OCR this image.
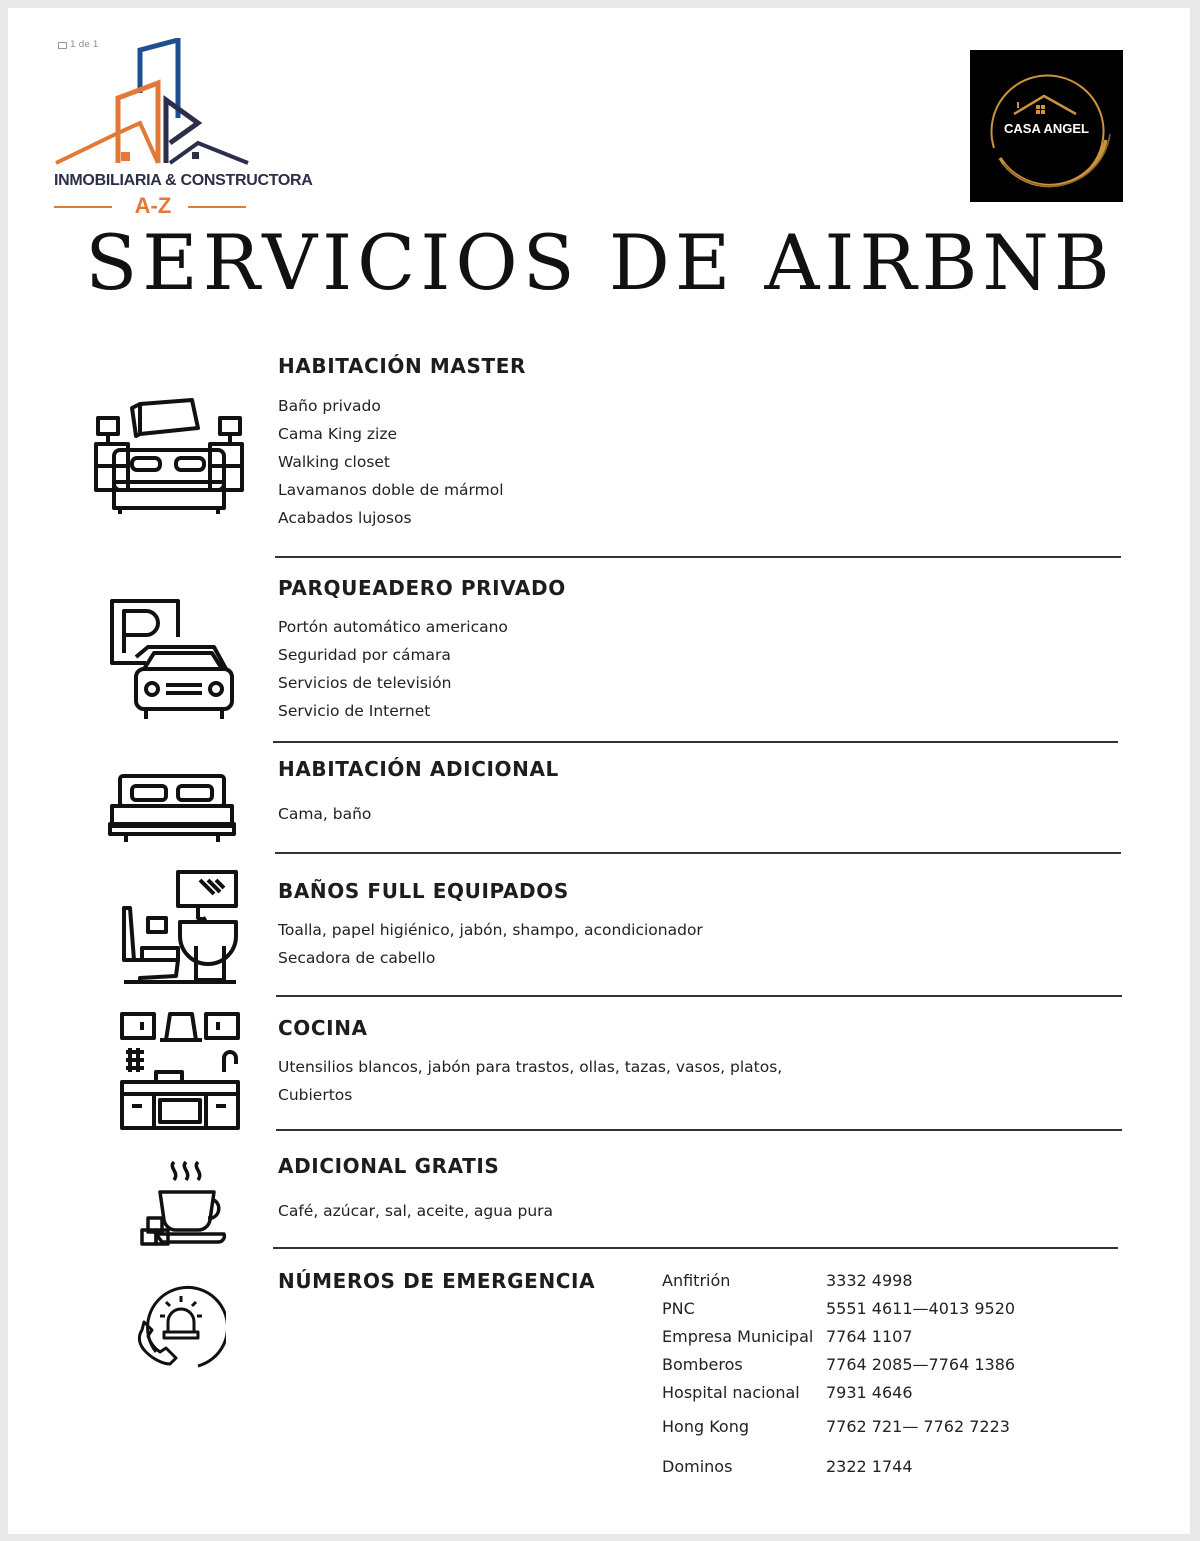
1 de 1
INMOBILIARIA & CONSTRUCTORA
A-Z
CASA ANGEL
SERVICIOS DE AIRBNB
HABITACIÓN MASTER
Baño privado
Cama King zize
Walking closet
Lavamanos doble de mármol
Acabados lujosos
PARQUEADERO PRIVADO
Portón automático americano
Seguridad por cámara
Servicios de televisión
Servicio de Internet
HABITACIÓN ADICIONAL
Cama, baño
BAÑOS FULL EQUIPADOS
Toalla, papel higiénico, jabón, shampo, acondicionador
Secadora de cabello
COCINA
Utensilios blancos, jabón para trastos, ollas, tazas, vasos, platos,
Cubiertos
ADICIONAL GRATIS
Café, azúcar, sal, aceite, agua pura
NÚMEROS DE EMERGENCIA	Anfitrión	3332 4998
PNC	5551 4611—4013 9520
Empresa Municipal 7764 1107
Bomberos	7764 2085—7764 1386
Hospital nacional 7931 4646
Hong Kong	7762 721— 7762 7223
Dominos	2322 1744
